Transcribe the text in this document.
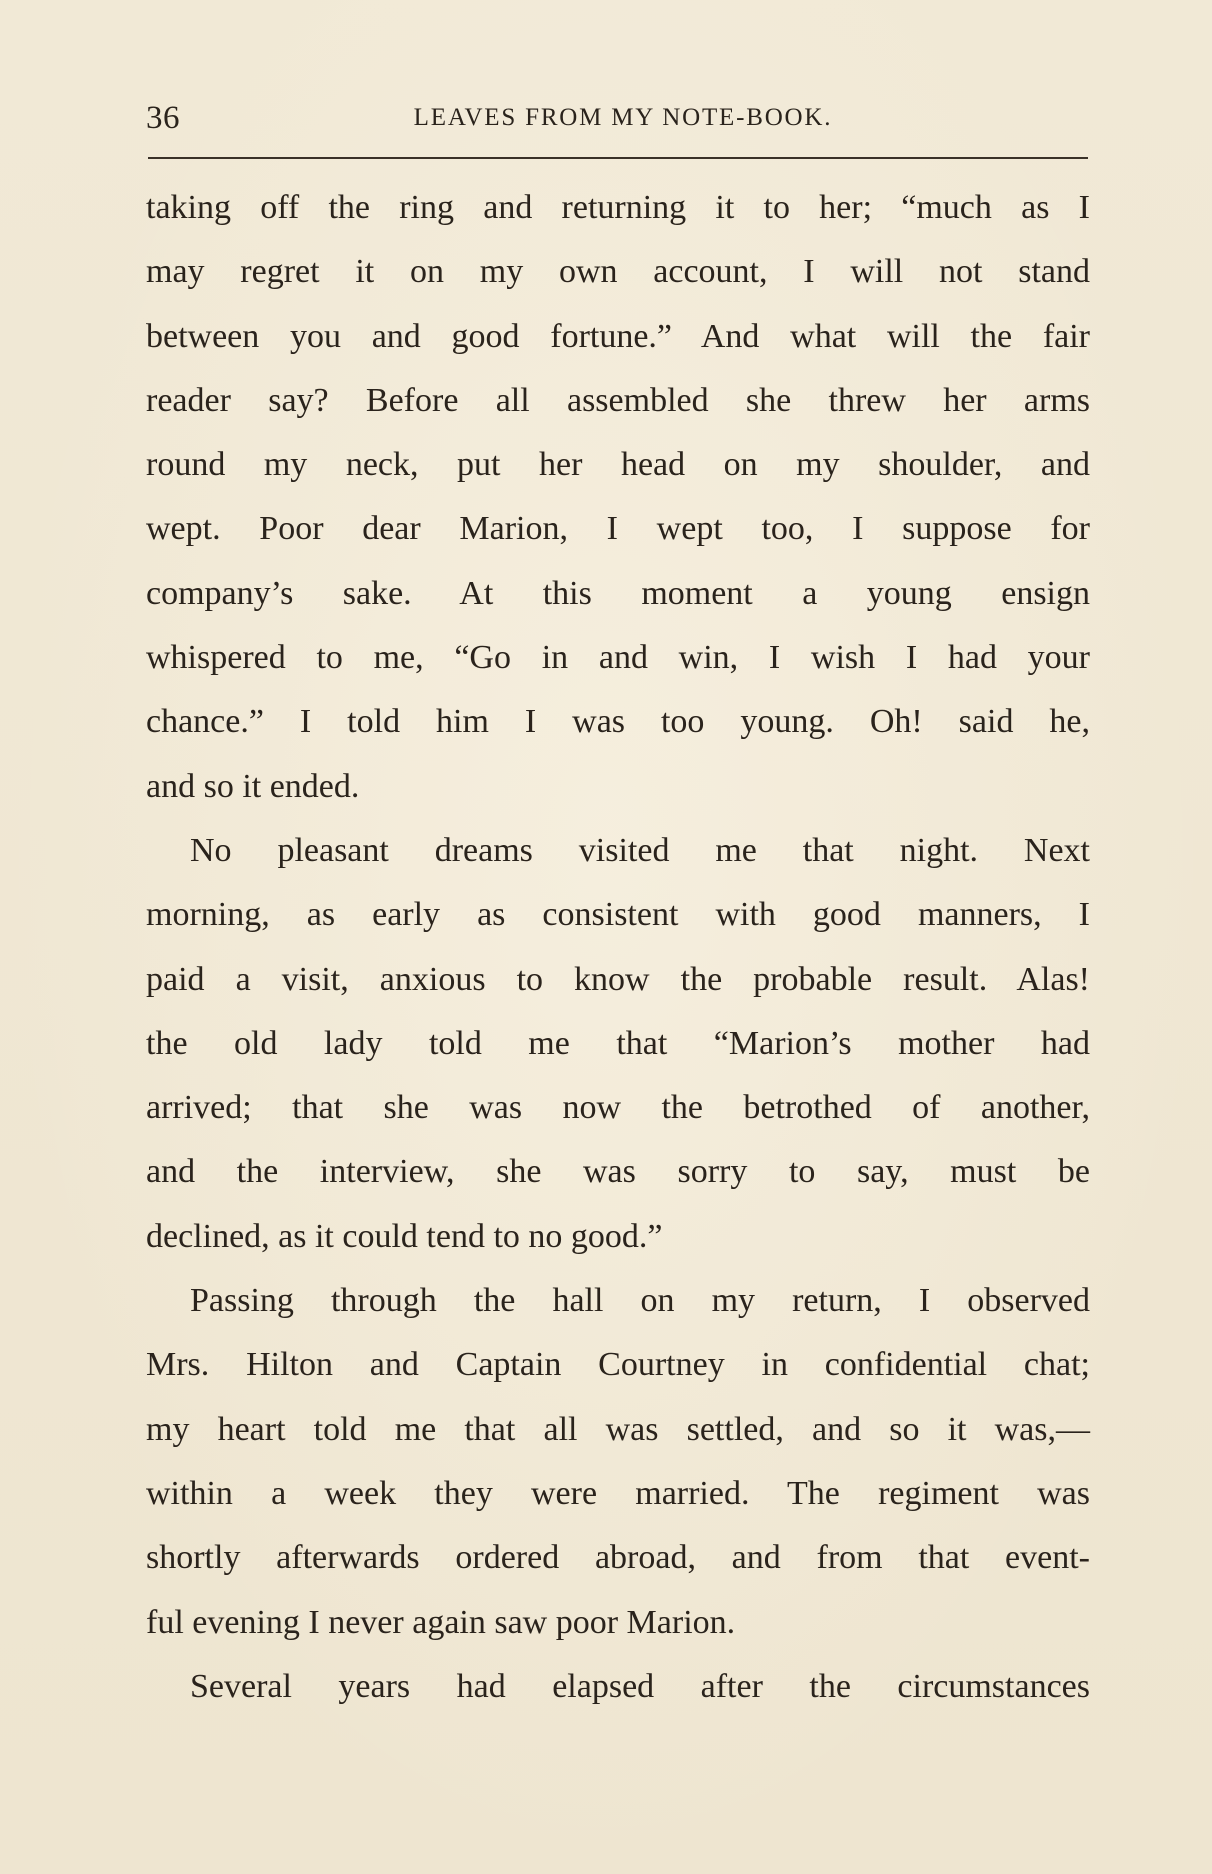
36	LEAVES FROM MY NOTE-BOOK.
taking off the ring and returning it to her; “much as I
may regret it on my own account, I will not stand
between you and good fortune.” And what will the fair
reader say? Before all assembled she threw her arms
round my neck, put her head on my shoulder, and
wept. Poor dear Marion, I wept too, I suppose for
company’s sake. At this moment a young ensign
whispered to me, “Go in and win, I wish I had your
chance.” I told him I was too young. Oh! said he,
and so it ended.
No pleasant dreams visited me that night. Next
morning, as early as consistent with good manners, I
paid a visit, anxious to know the probable result. Alas!
the old lady told me that “Marion’s mother had
arrived; that she was now the betrothed of another,
and the interview, she was sorry to say, must be
declined, as it could tend to no good.”
Passing through the hall on my return, I observed
Mrs. Hilton and Captain Courtney in confidential chat;
my heart told me that all was settled, and so it was,—
within a week they were married. The regiment was
shortly afterwards ordered abroad, and from that event-
ful evening I never again saw poor Marion.
Several years had elapsed after the circumstances
